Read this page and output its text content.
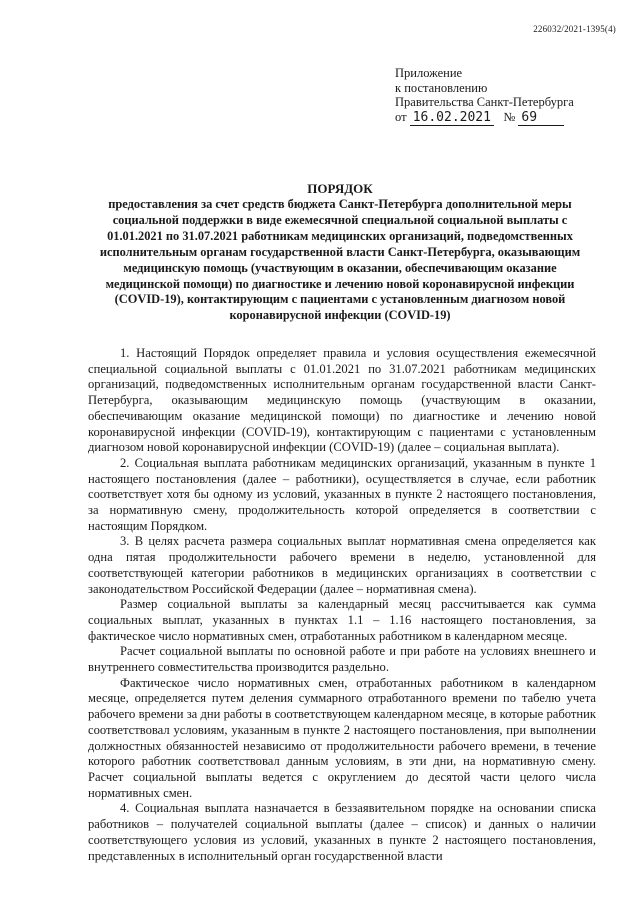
226032/2021-1395(4)
Приложение
к постановлению
Правительства Санкт-Петербурга
от 16.02.2021 № 69
ПОРЯДОК
предоставления за счет средств бюджета Санкт-Петербурга дополнительной меры социальной поддержки в виде ежемесячной специальной социальной выплаты с 01.01.2021 по 31.07.2021 работникам медицинских организаций, подведомственных исполнительным органам государственной власти Санкт-Петербурга, оказывающим медицинскую помощь (участвующим в оказании, обеспечивающим оказание медицинской помощи) по диагностике и лечению новой коронавирусной инфекции (COVID-19), контактирующим с пациентами с установленным диагнозом новой коронавирусной инфекции (COVID-19)

1. Настоящий Порядок определяет правила и условия осуществления ежемесячной специальной социальной выплаты с 01.01.2021 по 31.07.2021 работникам медицинских организаций, подведомственных исполнительным органам государственной власти Санкт-Петербурга, оказывающим медицинскую помощь (участвующим в оказании, обеспечивающим оказание медицинской помощи) по диагностике и лечению новой коронавирусной инфекции (COVID-19), контактирующим с пациентами с установленным диагнозом новой коронавирусной инфекции (COVID-19) (далее – социальная выплата).

2. Социальная выплата работникам медицинских организаций, указанным в пункте 1 настоящего постановления (далее – работники), осуществляется в случае, если работник соответствует хотя бы одному из условий, указанных в пункте 2 настоящего постановления, за нормативную смену, продолжительность которой определяется в соответствии с настоящим Порядком.

3. В целях расчета размера социальных выплат нормативная смена определяется как одна пятая продолжительности рабочего времени в неделю, установленной для соответствующей категории работников в медицинских организациях в соответствии с законодательством Российской Федерации (далее – нормативная смена).

Размер социальной выплаты за календарный месяц рассчитывается как сумма социальных выплат, указанных в пунктах 1.1 – 1.16 настоящего постановления, за фактическое число нормативных смен, отработанных работником в календарном месяце.

Расчет социальной выплаты по основной работе и при работе на условиях внешнего и внутреннего совместительства производится раздельно.

Фактическое число нормативных смен, отработанных работником в календарном месяце, определяется путем деления суммарного отработанного времени по табелю учета рабочего времени за дни работы в соответствующем календарном месяце, в которые работник соответствовал условиям, указанным в пункте 2 настоящего постановления, при выполнении должностных обязанностей независимо от продолжительности рабочего времени, в течение которого работник соответствовал данным условиям, в эти дни, на нормативную смену. Расчет социальной выплаты ведется с округлением до десятой части целого числа нормативных смен.

4. Социальная выплата назначается в беззаявительном порядке на основании списка работников – получателей социальной выплаты (далее – список) и данных о наличии соответствующего условия из условий, указанных в пункте 2 настоящего постановления, представленных в исполнительный орган государственной власти
